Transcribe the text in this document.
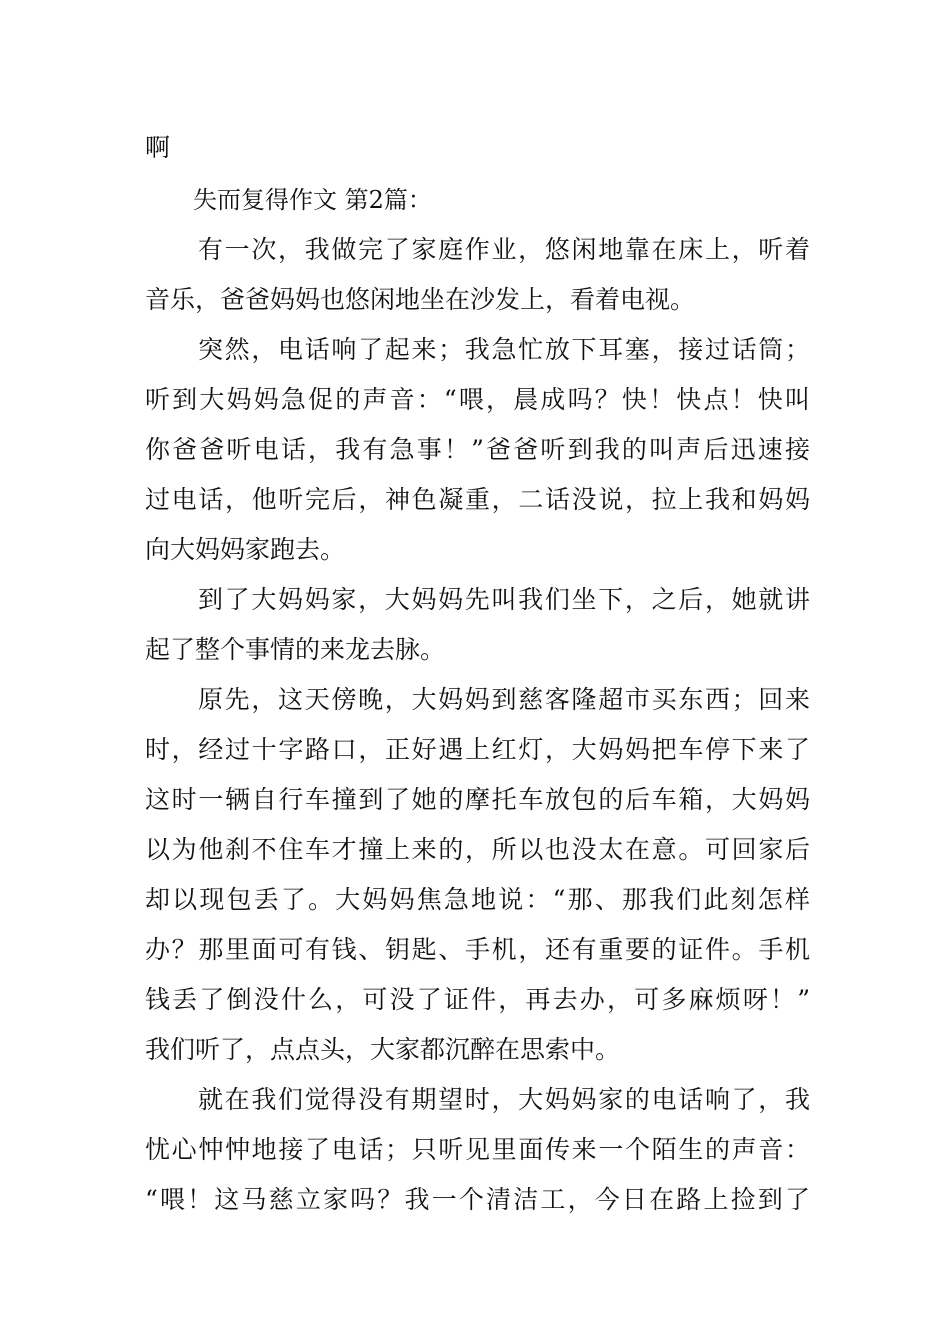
啊
失而复得作文 第2篇：
有一次，我做完了家庭作业，悠闲地靠在床上，听着
音乐，爸爸妈妈也悠闲地坐在沙发上，看着电视。
突然，电话响了起来；我急忙放下耳塞，接过话筒；
听到大妈妈急促的声音：“喂，晨成吗？快！快点！快叫
你爸爸听电话，我有急事！”爸爸听到我的叫声后迅速接
过电话，他听完后，神色凝重，二话没说，拉上我和妈妈
向大妈妈家跑去。
到了大妈妈家，大妈妈先叫我们坐下，之后，她就讲
起了整个事情的来龙去脉。
原先，这天傍晚，大妈妈到慈客隆超市买东西；回来
时，经过十字路口，正好遇上红灯，大妈妈把车停下来了
这时一辆自行车撞到了她的摩托车放包的后车箱，大妈妈
以为他刹不住车才撞上来的，所以也没太在意。可回家后
却以现包丢了。大妈妈焦急地说：“那、那我们此刻怎样
办？那里面可有钱、钥匙、手机，还有重要的证件。手机
钱丢了倒没什么，可没了证件，再去办，可多麻烦呀！”
我们听了，点点头，大家都沉醉在思索中。
就在我们觉得没有期望时，大妈妈家的电话响了，我
忧心忡忡地接了电话；只听见里面传来一个陌生的声音：
“喂！这马慈立家吗？我一个清洁工，今日在路上捡到了
